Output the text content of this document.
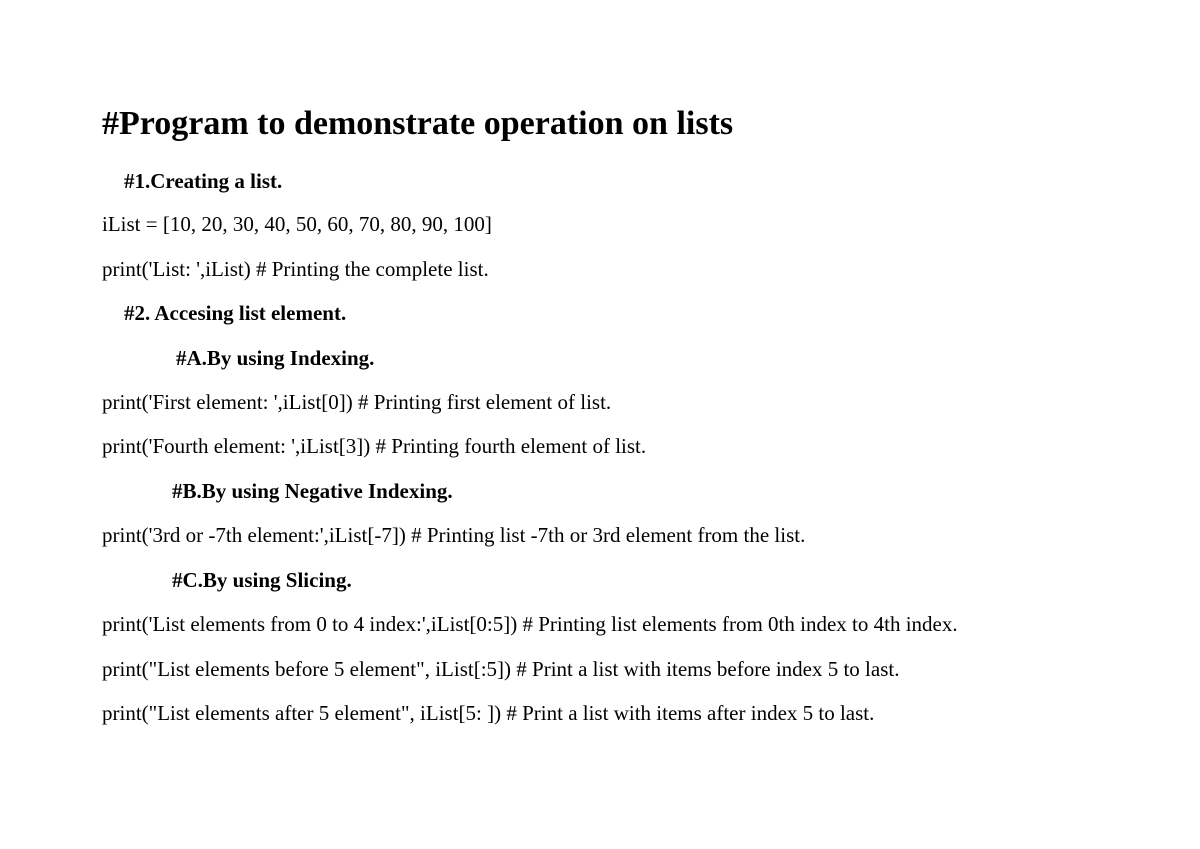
#Program to demonstrate operation on lists
#1.Creating a list.
iList = [10, 20, 30, 40, 50, 60, 70, 80, 90, 100]
print('List: ',iList) # Printing the complete list.
#2. Accesing list element.
#A.By using Indexing.
print('First element: ',iList[0]) # Printing first element of list.
print('Fourth element: ',iList[3]) # Printing fourth element of list.
#B.By using Negative Indexing.
print('3rd or -7th element:',iList[-7]) # Printing list -7th or 3rd element from the list.
#C.By using Slicing.
print('List elements from 0 to 4 index:',iList[0:5]) # Printing list elements from 0th index to 4th index.
print("List elements before 5 element", iList[:5]) # Print a list with items before index 5 to last.
print("List elements after 5 element", iList[5: ]) # Print a list with items after index 5 to last.
